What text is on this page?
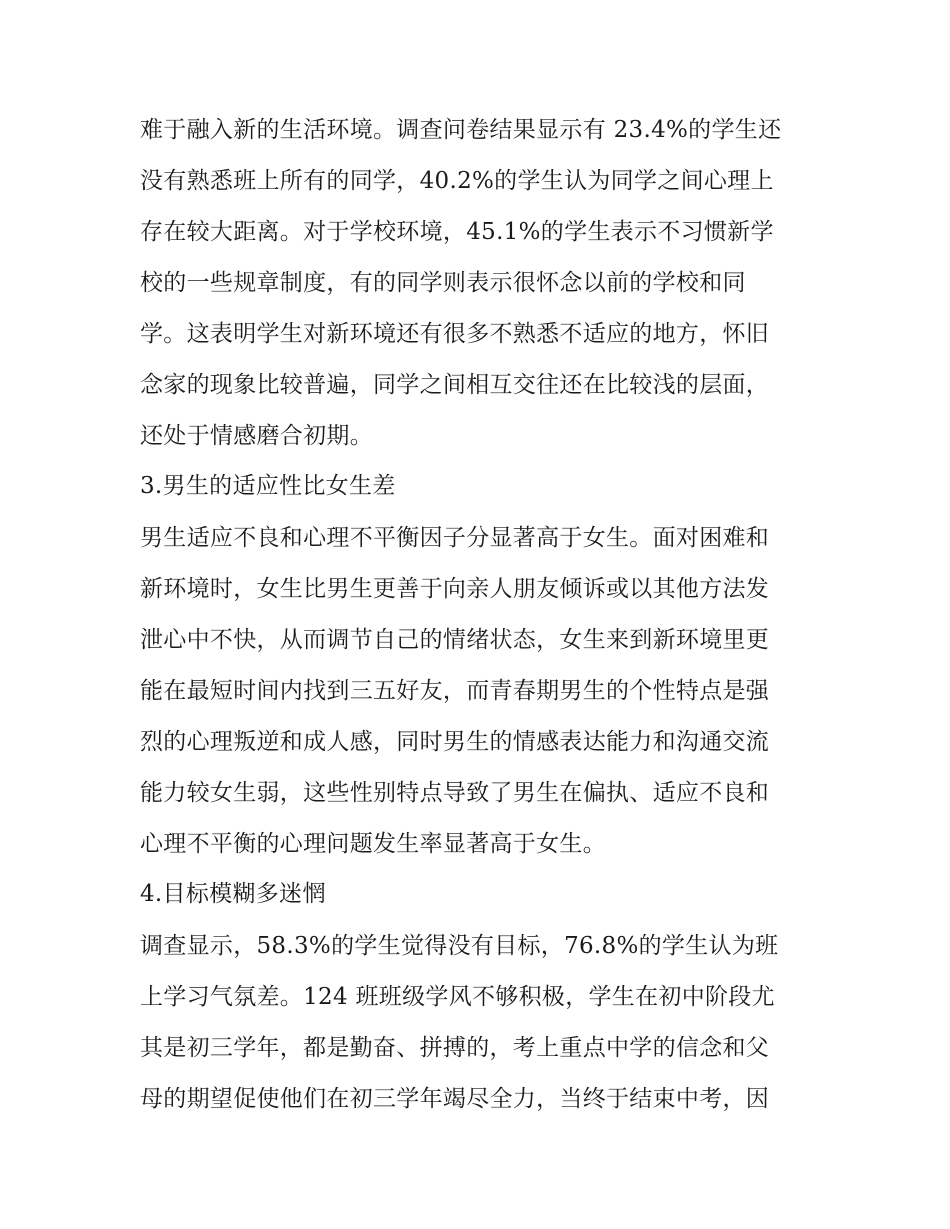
难于融入新的生活环境。调查问卷结果显示有 23.4%的学生还

没有熟悉班上所有的同学，40.2%的学生认为同学之间心理上

存在较大距离。对于学校环境，45.1%的学生表示不习惯新学

校的一些规章制度，有的同学则表示很怀念以前的学校和同

学。这表明学生对新环境还有很多不熟悉不适应的地方，怀旧

念家的现象比较普遍，同学之间相互交往还在比较浅的层面，

还处于情感磨合初期。

3.男生的适应性比女生差

男生适应不良和心理不平衡因子分显著高于女生。面对困难和

新环境时，女生比男生更善于向亲人朋友倾诉或以其他方法发

泄心中不快，从而调节自己的情绪状态，女生来到新环境里更

能在最短时间内找到三五好友，而青春期男生的个性特点是强

烈的心理叛逆和成人感，同时男生的情感表达能力和沟通交流

能力较女生弱，这些性别特点导致了男生在偏执、适应不良和

心理不平衡的心理问题发生率显著高于女生。

4.目标模糊多迷惘

调查显示，58.3%的学生觉得没有目标，76.8%的学生认为班

上学习气氛差。124 班班级学风不够积极，学生在初中阶段尤

其是初三学年，都是勤奋、拼搏的，考上重点中学的信念和父

母的期望促使他们在初三学年竭尽全力，当终于结束中考，因
